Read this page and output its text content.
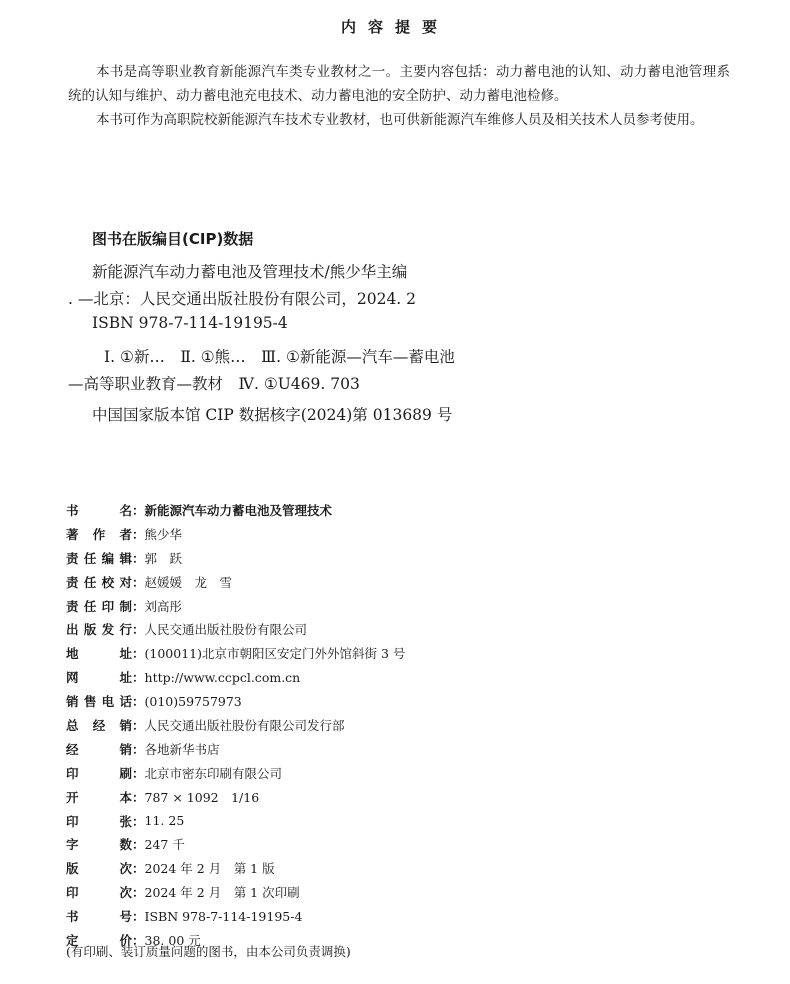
内容提要
本书是高等职业教育新能源汽车类专业教材之一。主要内容包括：动力蓄电池的认知、动力蓄电池管理系统的认知与维护、动力蓄电池充电技术、动力蓄电池的安全防护、动力蓄电池检修。
本书可作为高职院校新能源汽车技术专业教材，也可供新能源汽车维修人员及相关技术人员参考使用。
图书在版编目(CIP)数据
新能源汽车动力蓄电池及管理技术/熊少华主编
. —北京：人民交通出版社股份有限公司，2024. 2
ISBN 978-7-114-19195-4
Ⅰ. ①新…　Ⅱ. ①熊…　Ⅲ. ①新能源—汽车—蓄电池
—高等职业教育—教材　Ⅳ. ①U469. 703
中国国家版本馆 CIP 数据核字(2024)第 013689 号
书名	：	新能源汽车动力蓄电池及管理技术
著作者	：	熊少华
责任编辑	：	郭　跃
责任校对	：	赵媛媛　龙　雪
责任印制	：	刘高彤
出版发行	：	人民交通出版社股份有限公司
地址	：	(100011)北京市朝阳区安定门外外馆斜街 3 号
网址	：	http://www.ccpcl.com.cn
销售电话	：	(010)59757973
总经销	：	人民交通出版社股份有限公司发行部
经销	：	各地新华书店
印刷	：	北京市密东印刷有限公司
开本	：	787 × 1092　1/16
印张	：	11. 25
字数	：	247 千
版次	：	2024 年 2 月　第 1 版
印次	：	2024 年 2 月　第 1 次印刷
书号	：	ISBN 978-7-114-19195-4
定价	：	38. 00 元
(有印刷、装订质量问题的图书，由本公司负责调换)
